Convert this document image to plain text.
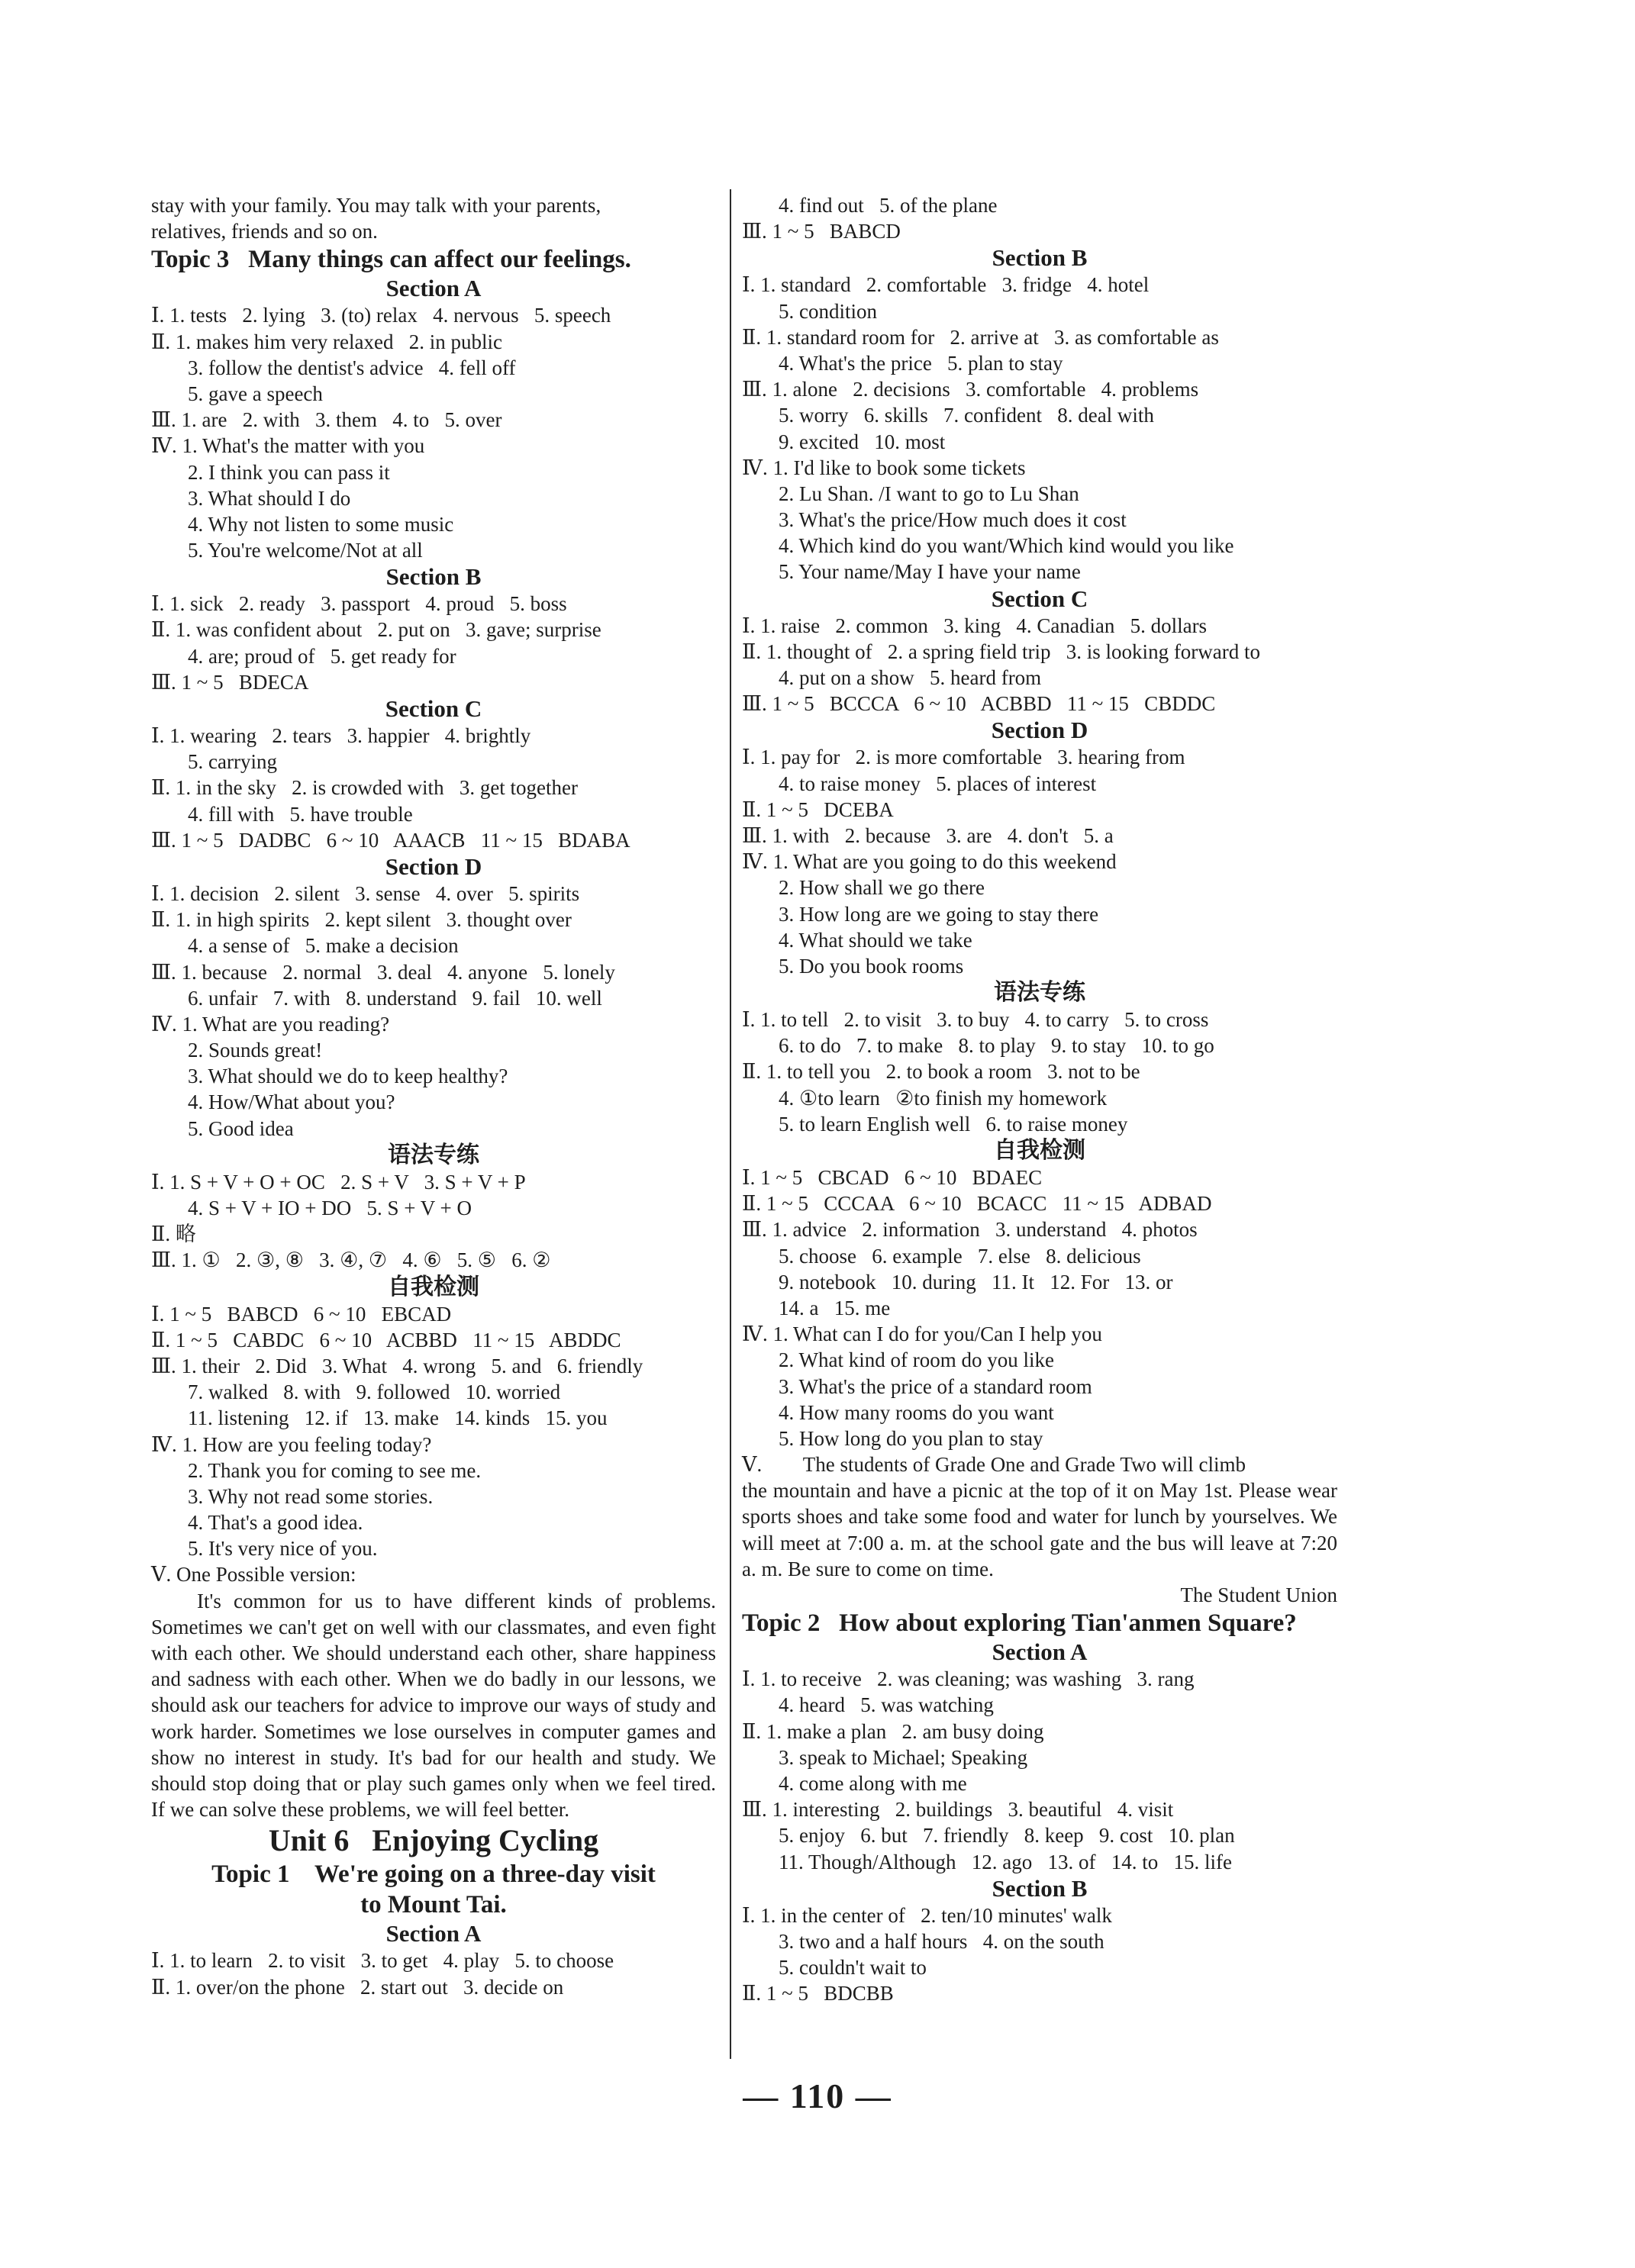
stay with your family. You may talk with your parents,
relatives, friends and so on.
Topic 3   Many things can affect our feelings.
Section A
Ⅰ. 1. tests   2. lying   3. (to) relax   4. nervous   5. speech
Ⅱ. 1. makes him very relaxed   2. in public
3. follow the dentist's advice   4. fell off
5. gave a speech
Ⅲ. 1. are   2. with   3. them   4. to   5. over
Ⅳ. 1. What's the matter with you
2. I think you can pass it
3. What should I do
4. Why not listen to some music
5. You're welcome/Not at all
Section B
Ⅰ. 1. sick   2. ready   3. passport   4. proud   5. boss
Ⅱ. 1. was confident about   2. put on   3. gave; surprise
4. are; proud of   5. get ready for
Ⅲ. 1 ~ 5   BDECA
Section C
Ⅰ. 1. wearing   2. tears   3. happier   4. brightly
5. carrying
Ⅱ. 1. in the sky   2. is crowded with   3. get together
4. fill with   5. have trouble
Ⅲ. 1 ~ 5   DADBC   6 ~ 10   AAACB   11 ~ 15   BDABA
Section D
Ⅰ. 1. decision   2. silent   3. sense   4. over   5. spirits
Ⅱ. 1. in high spirits   2. kept silent   3. thought over
4. a sense of   5. make a decision
Ⅲ. 1. because   2. normal   3. deal   4. anyone   5. lonely
6. unfair   7. with   8. understand   9. fail   10. well
Ⅳ. 1. What are you reading?
2. Sounds great!
3. What should we do to keep healthy?
4. How/What about you?
5. Good idea
语法专练
Ⅰ. 1. S + V + O + OC   2. S + V   3. S + V + P
4. S + V + IO + DO   5. S + V + O
Ⅱ. 略
Ⅲ. 1. ①   2. ③, ⑧   3. ④, ⑦   4. ⑥   5. ⑤   6. ②
自我检测
Ⅰ. 1 ~ 5   BABCD   6 ~ 10   EBCAD
Ⅱ. 1 ~ 5   CABDC   6 ~ 10   ACBBD   11 ~ 15   ABDDC
Ⅲ. 1. their   2. Did   3. What   4. wrong   5. and   6. friendly
7. walked   8. with   9. followed   10. worried
11. listening   12. if   13. make   14. kinds   15. you
Ⅳ. 1. How are you feeling today?
2. Thank you for coming to see me.
3. Why not read some stories.
4. That's a good idea.
5. It's very nice of you.
Ⅴ. One Possible version:
It's common for us to have different kinds of problems. Sometimes we can't get on well with our classmates, and even fight with each other. We should understand each other, share happiness and sadness with each other. When we do badly in our lessons, we should ask our teachers for advice to improve our ways of study and work harder. Sometimes we lose ourselves in computer games and show no interest in study. It's bad for our health and study. We should stop doing that or play such games only when we feel tired. If we can solve these problems, we will feel better.
Unit 6   Enjoying Cycling
Topic 1    We're going on a three-day visit
to Mount Tai.
Section A
Ⅰ. 1. to learn   2. to visit   3. to get   4. play   5. to choose
Ⅱ. 1. over/on the phone   2. start out   3. decide on
4. find out   5. of the plane
Ⅲ. 1 ~ 5   BABCD
Section B
Ⅰ. 1. standard   2. comfortable   3. fridge   4. hotel
5. condition
Ⅱ. 1. standard room for   2. arrive at   3. as comfortable as
4. What's the price   5. plan to stay
Ⅲ. 1. alone   2. decisions   3. comfortable   4. problems
5. worry   6. skills   7. confident   8. deal with
9. excited   10. most
Ⅳ. 1. I'd like to book some tickets
2. Lu Shan. /I want to go to Lu Shan
3. What's the price/How much does it cost
4. Which kind do you want/Which kind would you like
5. Your name/May I have your name
Section C
Ⅰ. 1. raise   2. common   3. king   4. Canadian   5. dollars
Ⅱ. 1. thought of   2. a spring field trip   3. is looking forward to
4. put on a show   5. heard from
Ⅲ. 1 ~ 5   BCCCA   6 ~ 10   ACBBD   11 ~ 15   CBDDC
Section D
Ⅰ. 1. pay for   2. is more comfortable   3. hearing from
4. to raise money   5. places of interest
Ⅱ. 1 ~ 5   DCEBA
Ⅲ. 1. with   2. because   3. are   4. don't   5. a
Ⅳ. 1. What are you going to do this weekend
2. How shall we go there
3. How long are we going to stay there
4. What should we take
5. Do you book rooms
语法专练
Ⅰ. 1. to tell   2. to visit   3. to buy   4. to carry   5. to cross
6. to do   7. to make   8. to play   9. to stay   10. to go
Ⅱ. 1. to tell you   2. to book a room   3. not to be
4. ①to learn   ②to finish my homework
5. to learn English well   6. to raise money
自我检测
Ⅰ. 1 ~ 5   CBCAD   6 ~ 10   BDAEC
Ⅱ. 1 ~ 5   CCCAA   6 ~ 10   BCACC   11 ~ 15   ADBAD
Ⅲ. 1. advice   2. information   3. understand   4. photos
5. choose   6. example   7. else   8. delicious
9. notebook   10. during   11. It   12. For   13. or
14. a   15. me
Ⅳ. 1. What can I do for you/Can I help you
2. What kind of room do you like
3. What's the price of a standard room
4. How many rooms do you want
5. How long do you plan to stay
Ⅴ.        The students of Grade One and Grade Two will climb
the mountain and have a picnic at the top of it on May 1st. Please wear sports shoes and take some food and water for lunch by yourselves. We will meet at 7:00 a. m. at the school gate and the bus will leave at 7:20 a. m. Be sure to come on time.
The Student Union
Topic 2   How about exploring Tian'anmen Square?
Section A
Ⅰ. 1. to receive   2. was cleaning; was washing   3. rang
4. heard   5. was watching
Ⅱ. 1. make a plan   2. am busy doing
3. speak to Michael; Speaking
4. come along with me
Ⅲ. 1. interesting   2. buildings   3. beautiful   4. visit
5. enjoy   6. but   7. friendly   8. keep   9. cost   10. plan
11. Though/Although   12. ago   13. of   14. to   15. life
Section B
Ⅰ. 1. in the center of   2. ten/10 minutes' walk
3. two and a half hours   4. on the south
5. couldn't wait to
Ⅱ. 1 ~ 5   BDCBB
— 110 —
